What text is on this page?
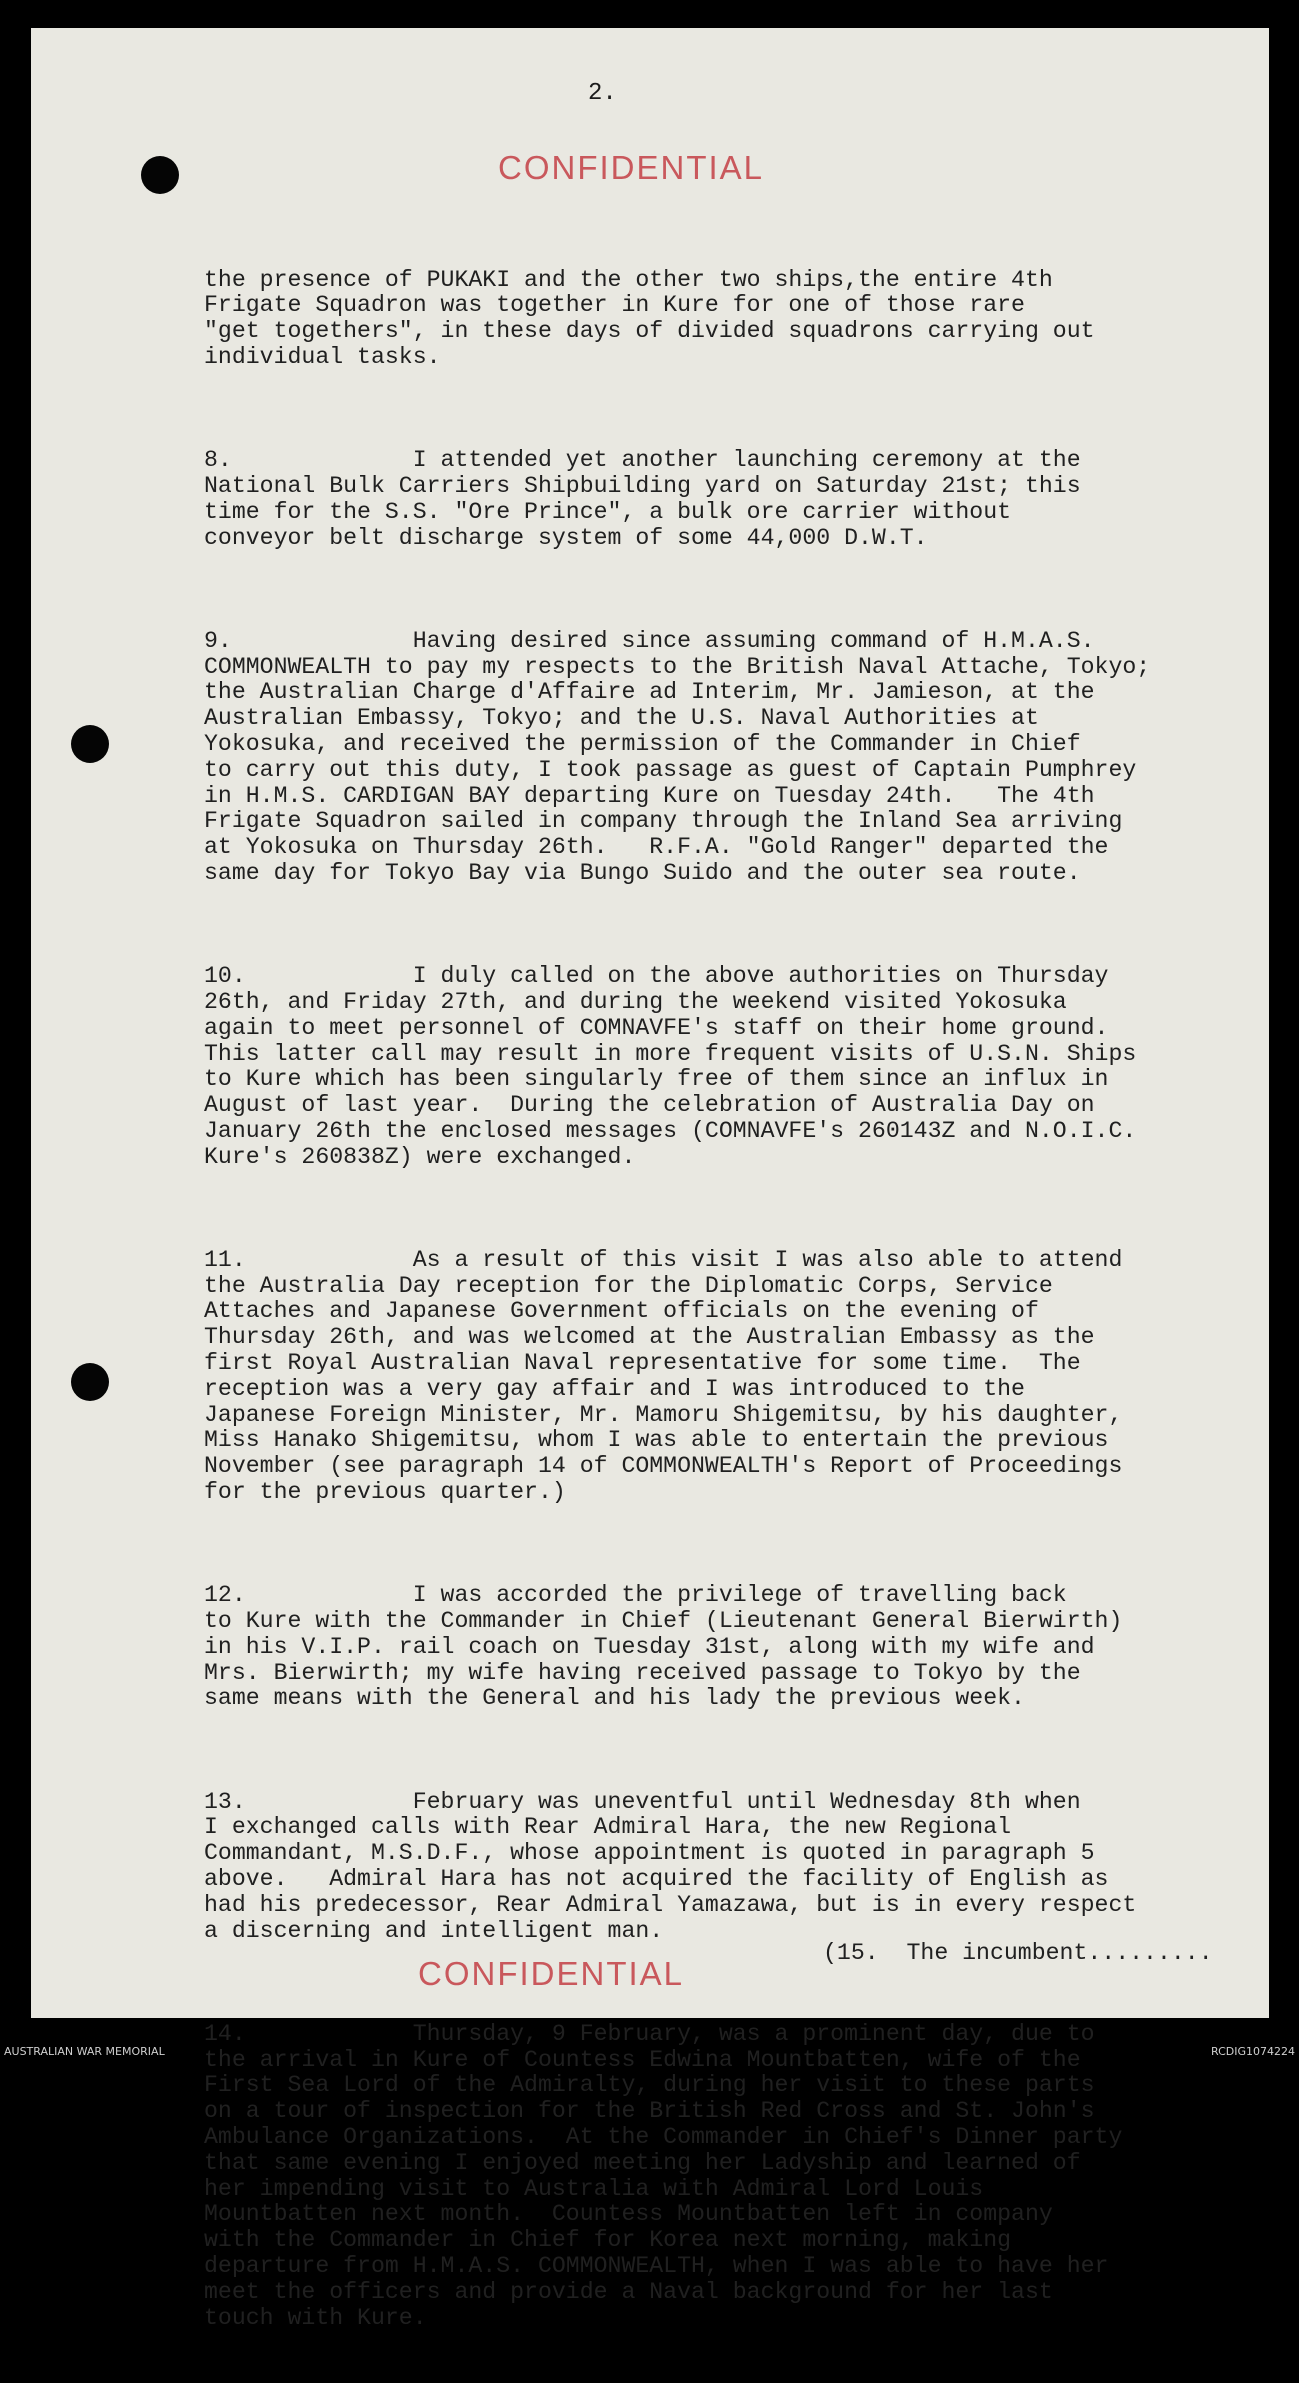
2.
CONFIDENTIAL

the presence of PUKAKI and the other two ships,the entire 4th
Frigate Squadron was together in Kure for one of those rare
"get togethers", in these days of divided squadrons carrying out
individual tasks.

8.             I attended yet another launching ceremony at the
National Bulk Carriers Shipbuilding yard on Saturday 21st; this
time for the S.S. "Ore Prince", a bulk ore carrier without
conveyor belt discharge system of some 44,000 D.W.T.

9.             Having desired since assuming command of H.M.A.S.
COMMONWEALTH to pay my respects to the British Naval Attache, Tokyo;
the Australian Charge d'Affaire ad Interim, Mr. Jamieson, at the
Australian Embassy, Tokyo; and the U.S. Naval Authorities at
Yokosuka, and received the permission of the Commander in Chief
to carry out this duty, I took passage as guest of Captain Pumphrey
in H.M.S. CARDIGAN BAY departing Kure on Tuesday 24th.   The 4th
Frigate Squadron sailed in company through the Inland Sea arriving
at Yokosuka on Thursday 26th.   R.F.A. "Gold Ranger" departed the
same day for Tokyo Bay via Bungo Suido and the outer sea route.

10.            I duly called on the above authorities on Thursday
26th, and Friday 27th, and during the weekend visited Yokosuka
again to meet personnel of COMNAVFE's staff on their home ground.
This latter call may result in more frequent visits of U.S.N. Ships
to Kure which has been singularly free of them since an influx in
August of last year.  During the celebration of Australia Day on
January 26th the enclosed messages (COMNAVFE's 260143Z and N.O.I.C.
Kure's 260838Z) were exchanged.

11.            As a result of this visit I was also able to attend
the Australia Day reception for the Diplomatic Corps, Service
Attaches and Japanese Government officials on the evening of
Thursday 26th, and was welcomed at the Australian Embassy as the
first Royal Australian Naval representative for some time.  The
reception was a very gay affair and I was introduced to the
Japanese Foreign Minister, Mr. Mamoru Shigemitsu, by his daughter,
Miss Hanako Shigemitsu, whom I was able to entertain the previous
November (see paragraph 14 of COMMONWEALTH's Report of Proceedings
for the previous quarter.)

12.            I was accorded the privilege of travelling back
to Kure with the Commander in Chief (Lieutenant General Bierwirth)
in his V.I.P. rail coach on Tuesday 31st, along with my wife and
Mrs. Bierwirth; my wife having received passage to Tokyo by the
same means with the General and his lady the previous week.

13.            February was uneventful until Wednesday 8th when
I exchanged calls with Rear Admiral Hara, the new Regional
Commandant, M.S.D.F., whose appointment is quoted in paragraph 5
above.   Admiral Hara has not acquired the facility of English as
had his predecessor, Rear Admiral Yamazawa, but is in every respect
a discerning and intelligent man.

14.            Thursday, 9 February, was a prominent day, due to
the arrival in Kure of Countess Edwina Mountbatten, wife of the
First Sea Lord of the Admiralty, during her visit to these parts
on a tour of inspection for the British Red Cross and St. John's
Ambulance Organizations.  At the Commander in Chief's Dinner party
that same evening I enjoyed meeting her Ladyship and learned of
her impending visit to Australia with Admiral Lord Louis
Mountbatten next month.  Countess Mountbatten left in company
with the Commander in Chief for Korea next morning, making
departure from H.M.A.S. COMMONWEALTH, when I was able to have her
meet the officers and provide a Naval background for her last
touch with Kure.

(15.  The incumbent.........
CONFIDENTIAL
AUSTRALIAN WAR MEMORIAL	RCDIG1074224
